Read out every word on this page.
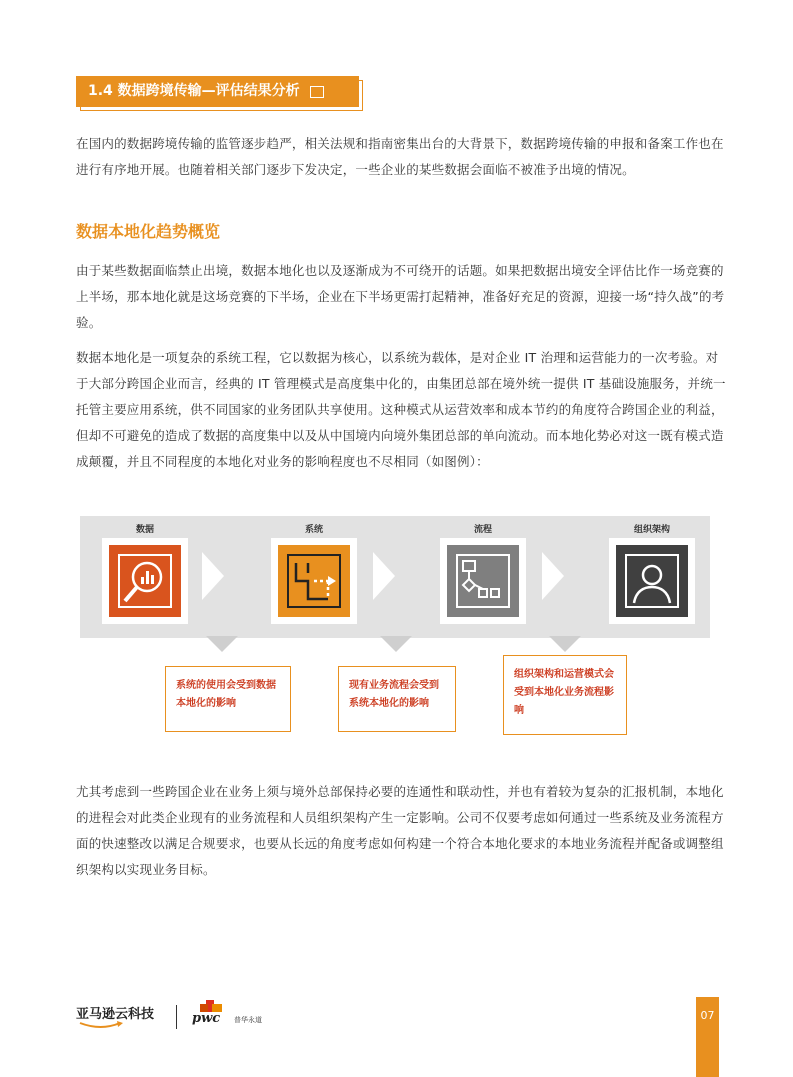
1.4 数据跨境传输—评估结果分析

在国内的数据跨境传输的监管逐步趋严，相关法规和指南密集出台的大背景下，数据跨境传输的申报和备案工作也在进行有序地开展。也随着相关部门逐步下发决定，一些企业的某些数据会面临不被准予出境的情况。

数据本地化趋势概览

由于某些数据面临禁止出境，数据本地化也以及逐渐成为不可绕开的话题。如果把数据出境安全评估比作一场竞赛的上半场，那本地化就是这场竞赛的下半场，企业在下半场更需打起精神，准备好充足的资源，迎接一场“持久战”的考验。

数据本地化是一项复杂的系统工程，它以数据为核心，以系统为载体，是对企业 IT 治理和运营能力的一次考验。对于大部分跨国企业而言，经典的 IT 管理模式是高度集中化的，由集团总部在境外统一提供 IT 基础设施服务，并统一托管主要应用系统，供不同国家的业务团队共享使用。这种模式从运营效率和成本节约的角度符合跨国企业的利益，但却不可避免的造成了数据的高度集中以及从中国境内向境外集团总部的单向流动。而本地化势必对这一既有模式造成颠覆，并且不同程度的本地化对业务的影响程度也不尽相同（如图例）：

数据	系统	流程	组织架构
系统的使用会受到数据本地化的影响
现有业务流程会受到系统本地化的影响
组织架构和运营模式会受到本地化业务流程影响

尤其考虑到一些跨国企业在业务上须与境外总部保持必要的连通性和联动性，并也有着较为复杂的汇报机制，本地化的进程会对此类企业现有的业务流程和人员组织架构产生一定影响。公司不仅要考虑如何通过一些系统及业务流程方面的快速整改以满足合规要求，也要从长远的角度考虑如何构建一个符合本地化要求的本地业务流程并配备或调整组织架构以实现业务目标。

亚马逊云科技	pwc 普华永道	07
